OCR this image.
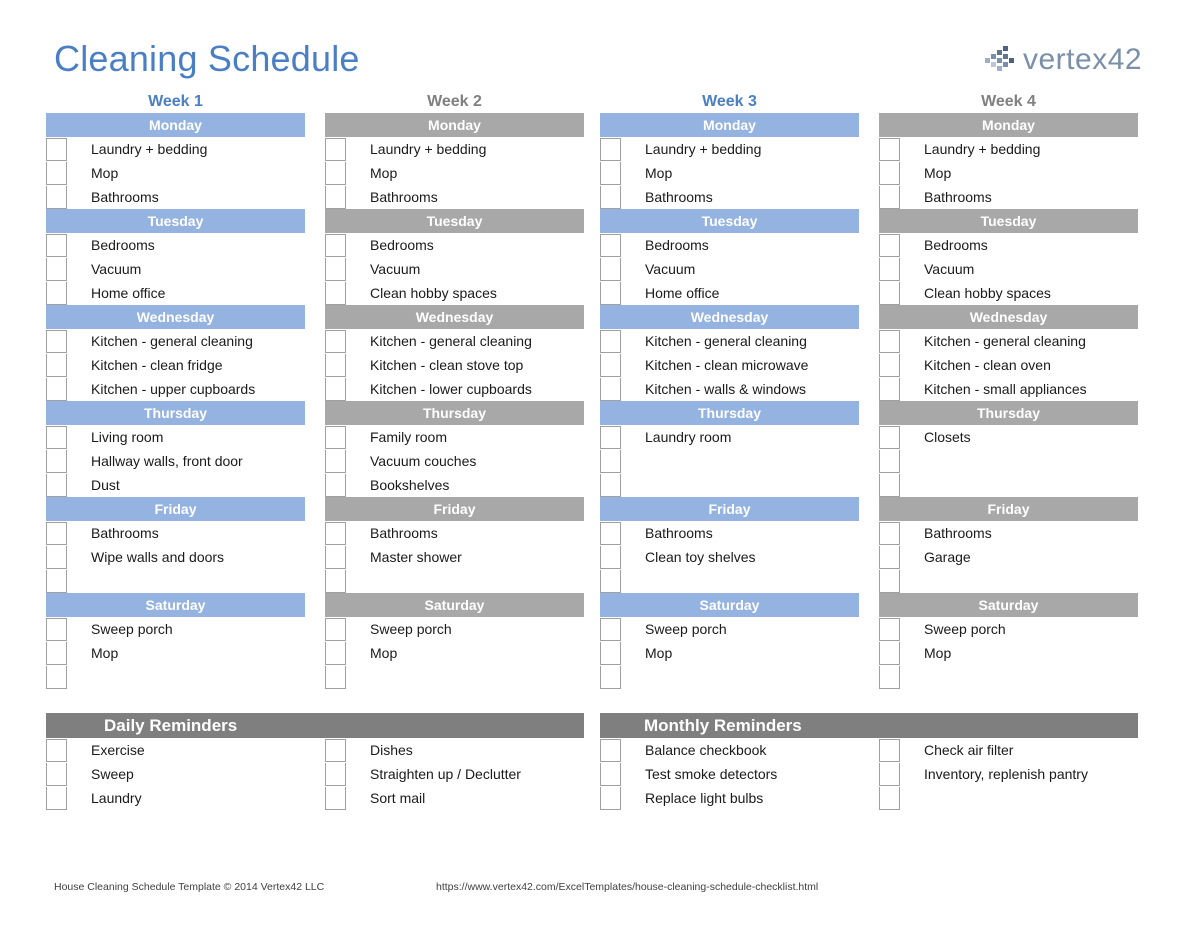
Cleaning Schedule	vertex42
Week 1
Monday
Laundry + bedding
Mop
Bathrooms
Tuesday
Bedrooms
Vacuum
Home office
Wednesday
Kitchen - general cleaning
Kitchen - clean fridge
Kitchen - upper cupboards
Thursday
Living room
Hallway walls, front door
Dust
Friday
Bathrooms
Wipe walls and doors
Saturday
Sweep porch
Mop
Week 2
Monday
Laundry + bedding
Mop
Bathrooms
Tuesday
Bedrooms
Vacuum
Clean hobby spaces
Wednesday
Kitchen - general cleaning
Kitchen - clean stove top
Kitchen - lower cupboards
Thursday
Family room
Vacuum couches
Bookshelves
Friday
Bathrooms
Master shower
Saturday
Sweep porch
Mop
Week 3
Monday
Laundry + bedding
Mop
Bathrooms
Tuesday
Bedrooms
Vacuum
Home office
Wednesday
Kitchen - general cleaning
Kitchen - clean microwave
Kitchen - walls & windows
Thursday
Laundry room
Friday
Bathrooms
Clean toy shelves
Saturday
Sweep porch
Mop
Week 4
Monday
Laundry + bedding
Mop
Bathrooms
Tuesday
Bedrooms
Vacuum
Clean hobby spaces
Wednesday
Kitchen - general cleaning
Kitchen - clean oven
Kitchen - small appliances
Thursday
Closets
Friday
Bathrooms
Garage
Saturday
Sweep porch
Mop
Daily Reminders	Monthly Reminders
Exercise
Sweep
Laundry
Dishes
Straighten up / Declutter
Sort mail
Balance checkbook
Test smoke detectors
Replace light bulbs
Check air filter
Inventory, replenish pantry
House Cleaning Schedule Template © 2014 Vertex42 LLC	https://www.vertex42.com/ExcelTemplates/house-cleaning-schedule-checklist.html
